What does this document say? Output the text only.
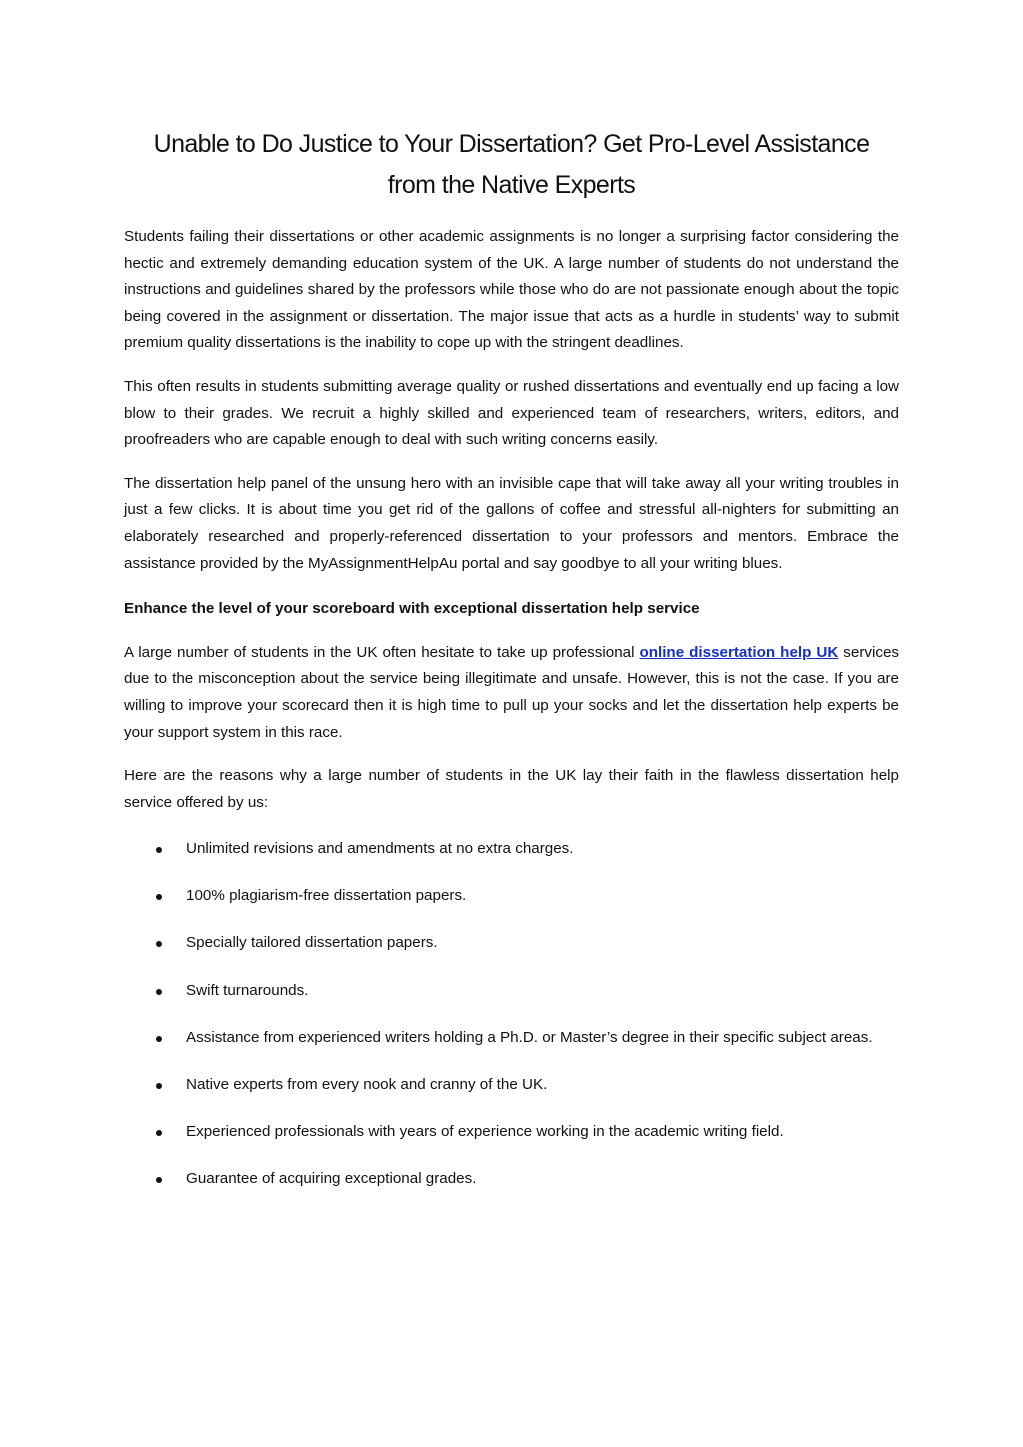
Unable to Do Justice to Your Dissertation? Get Pro-Level Assistance
from the Native Experts

Students failing their dissertations or other academic assignments is no longer a surprising factor considering the hectic and extremely demanding education system of the UK. A large number of students do not understand the instructions and guidelines shared by the professors while those who do are not passionate enough about the topic being covered in the assignment or dissertation. The major issue that acts as a hurdle in students’ way to submit premium quality dissertations is the inability to cope up with the stringent deadlines.

This often results in students submitting average quality or rushed dissertations and eventually end up facing a low blow to their grades. We recruit a highly skilled and experienced team of researchers, writers, editors, and proofreaders who are capable enough to deal with such writing concerns easily.

The dissertation help panel of the unsung hero with an invisible cape that will take away all your writing troubles in just a few clicks. It is about time you get rid of the gallons of coffee and stressful all-nighters for submitting an elaborately researched and properly-referenced dissertation to your professors and mentors. Embrace the assistance provided by the MyAssignmentHelpAu portal and say goodbye to all your writing blues.

Enhance the level of your scoreboard with exceptional dissertation help service

A large number of students in the UK often hesitate to take up professional online dissertation help UK services due to the misconception about the service being illegitimate and unsafe. However, this is not the case. If you are willing to improve your scorecard then it is high time to pull up your socks and let the dissertation help experts be your support system in this race.

Here are the reasons why a large number of students in the UK lay their faith in the flawless dissertation help service offered by us:

Unlimited revisions and amendments at no extra charges.
100% plagiarism-free dissertation papers.
Specially tailored dissertation papers.
Swift turnarounds.
Assistance from experienced writers holding a Ph.D. or Master’s degree in their specific subject areas.
Native experts from every nook and cranny of the UK.
Experienced professionals with years of experience working in the academic writing field.
Guarantee of acquiring exceptional grades.
